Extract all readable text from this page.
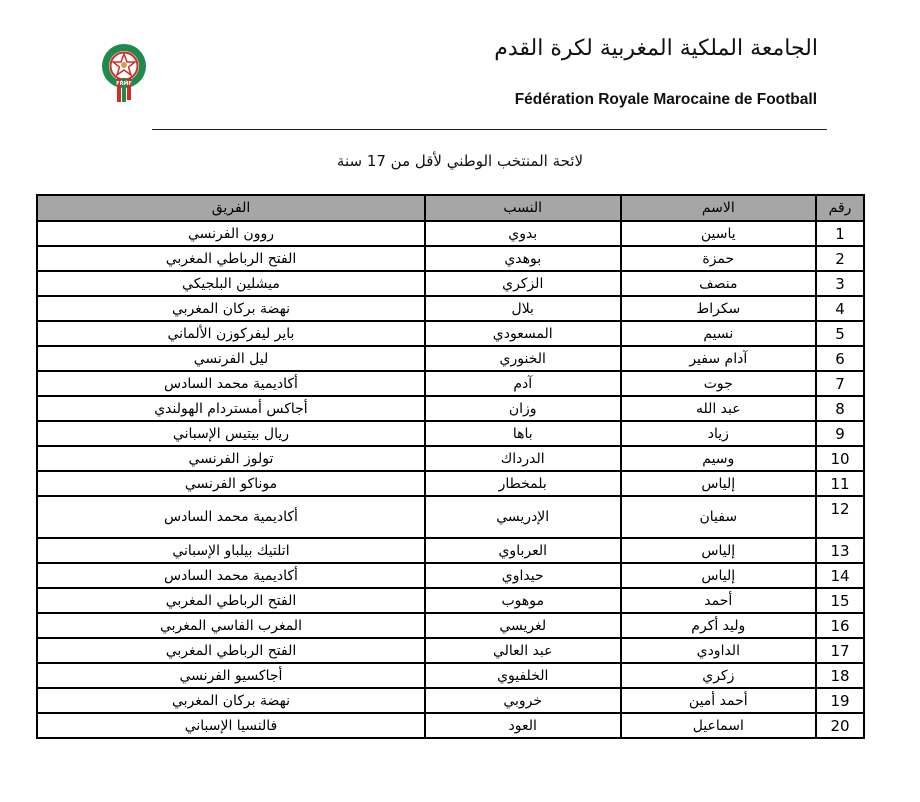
FRMF
الجامعة الملكية المغربية لكرة القدم
Fédération Royale Marocaine de Football
لائحة المنتخب الوطني لأقل من 17 سنة
رقم	الاسم	النسب	الفريق
1	ياسين	بدوي	روون الفرنسي
2	حمزة	بوهدي	الفتح الرباطي المغربي
3	منصف	الزكري	ميشلين البلجيكي
4	سكراط	بلال	نهضة بركان المغربي
5	نسيم	المسعودي	باير ليفركوزن الألماني
6	آدام سفير	الخنوري	ليل الفرنسي
7	جوت	آدم	أكاديمية محمد السادس
8	عبد الله	وزان	أجاكس أمستردام الهولندي
9	زياد	باها	ريال بيتيس الإسباني
10	وسيم	الدرداك	تولوز الفرنسي
11	إلياس	بلمخطار	موناكو الفرنسي
12	سفيان	الإدريسي	أكاديمية محمد السادس
13	إلياس	العرباوي	اتلتيك بيلباو الإسباني
14	إلياس	حيداوي	أكاديمية محمد السادس
15	أحمد	موهوب	الفتح الرباطي المغربي
16	وليد أكرم	لغريسي	المغرب الفاسي المغربي
17	الداودي	عبد العالي	الفتح الرباطي المغربي
18	زكري	الخلفيوي	أجاكسيو الفرنسي
19	أحمد أمين	خروبي	نهضة بركان المغربي
20	اسماعيل	العود	فالنسيا الإسباني
